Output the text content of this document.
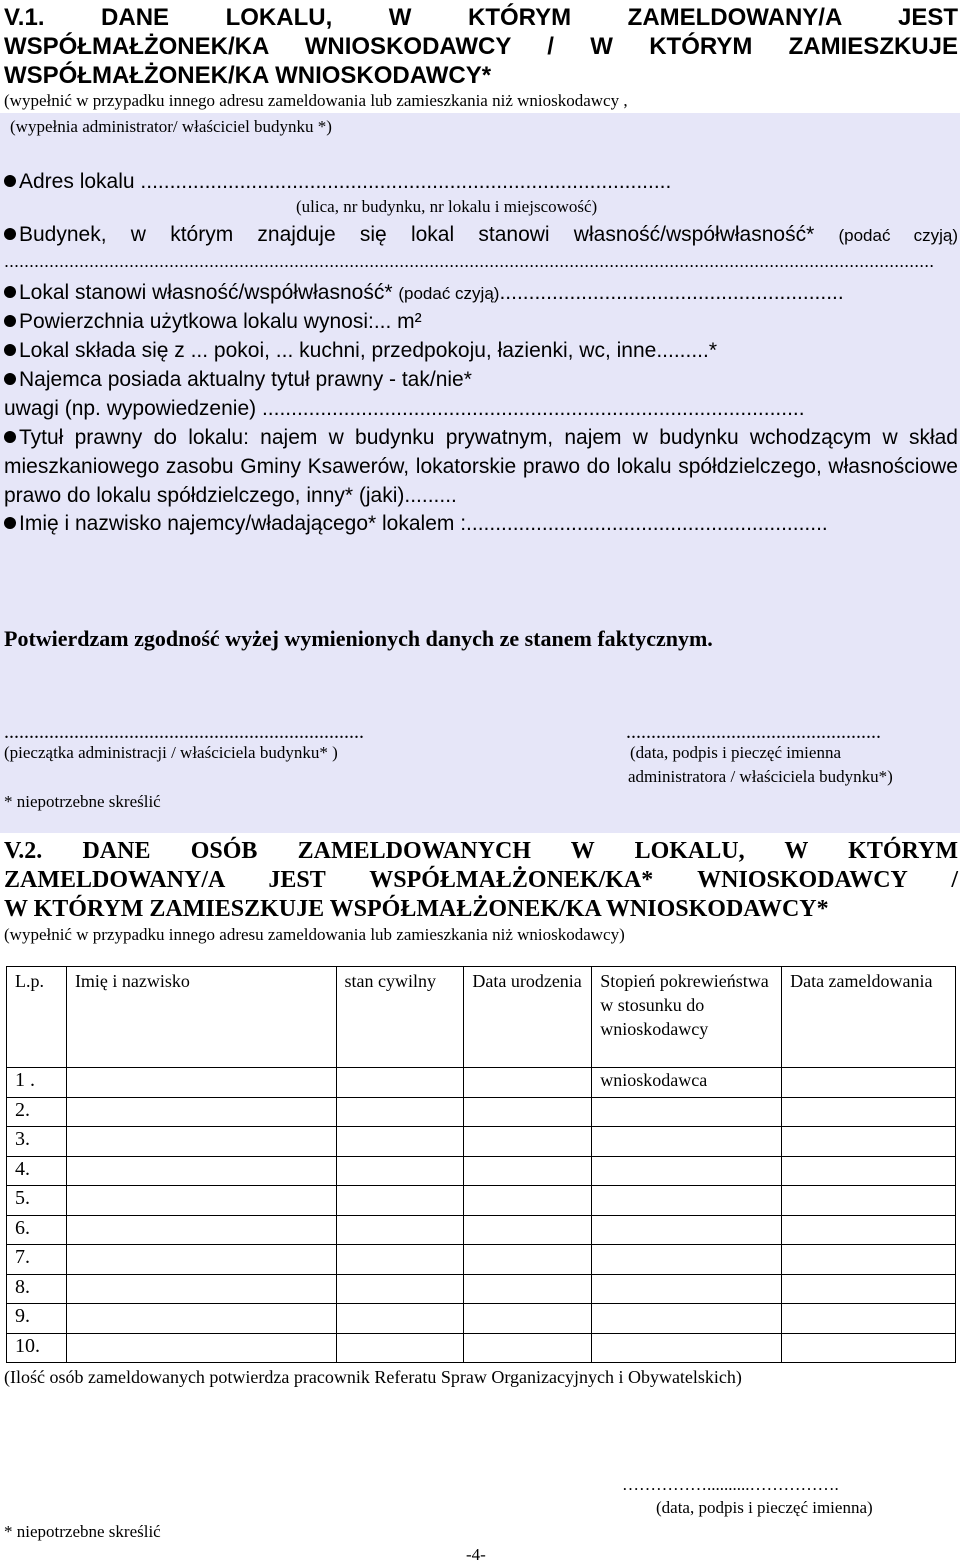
V.1. DANE LOKALU, W KTÓRYM ZAMELDOWANY/A JEST
WSPÓŁMAŁŻONEK/KA WNIOSKODAWCY / W KTÓRYM ZAMIESZKUJE
WSPÓŁMAŁŻONEK/KA WNIOSKODAWCY*
(wypełnić w przypadku innego adresu zameldowania lub zamieszkania niż wnioskodawcy ,
(wypełnia administrator/ właściciel budynku *)
Adres lokalu ...........................................................................................
(ulica, nr budynku, nr lokalu i miejscowość)
Budynek, w którym znajduje się lokal stanowi własność/współwłasność* (podać czyją)
..........................................................................................................................................................................................
Lokal stanowi własność/współwłasność* (podać czyją)...........................................................
Powierzchnia użytkowa lokalu wynosi:... m²
Lokal składa się z ... pokoi, ... kuchni, przedpokoju, łazienki, wc, inne.........*
Najemca posiada aktualny tytuł prawny - tak/nie*
uwagi (np. wypowiedzenie) .............................................................................................
Tytuł prawny do lokalu: najem w budynku prywatnym, najem w budynku wchodzącym w skład mieszkaniowego zasobu Gminy Ksawerów, lokatorskie prawo do lokalu spółdzielczego, własnościowe prawo do lokalu spółdzielczego, inny* (jaki).........
Imię i nazwisko najemcy/władającego* lokalem :..............................................................
Potwierdzam zgodność wyżej wymienionych danych ze stanem faktycznym.
........................................................................	...................................................
(pieczątka administracji / właściciela budynku* )	(data, podpis i pieczęć imienna
administratora / właściciela budynku*)
* niepotrzebne skreślić
V.2. DANE OSÓB ZAMELDOWANYCH W LOKALU, W KTÓRYM
ZAMELDOWANY/A JEST WSPÓŁMAŁŻONEK/KA* WNIOSKODAWCY /
W KTÓRYM ZAMIESZKUJE WSPÓŁMAŁŻONEK/KA WNIOSKODAWCY*
(wypełnić w przypadku innego adresu zameldowania lub zamieszkania niż wnioskodawcy)
L.p.	Imię i nazwisko	stan cywilny	Data urodzenia	Stopień pokrewieństwa w stosunku do wnioskodawcy	Data zameldowania
1 .				wnioskodawca	
2.					
3.					
4.					
5.					
6.					
7.					
8.					
9.					
10.					
(Ilość osób zameldowanych potwierdza pracownik Referatu Spraw Organizacyjnych i Obywatelskich)
……………..........…………….
(data, podpis i pieczęć imienna)
* niepotrzebne skreślić
-4-
